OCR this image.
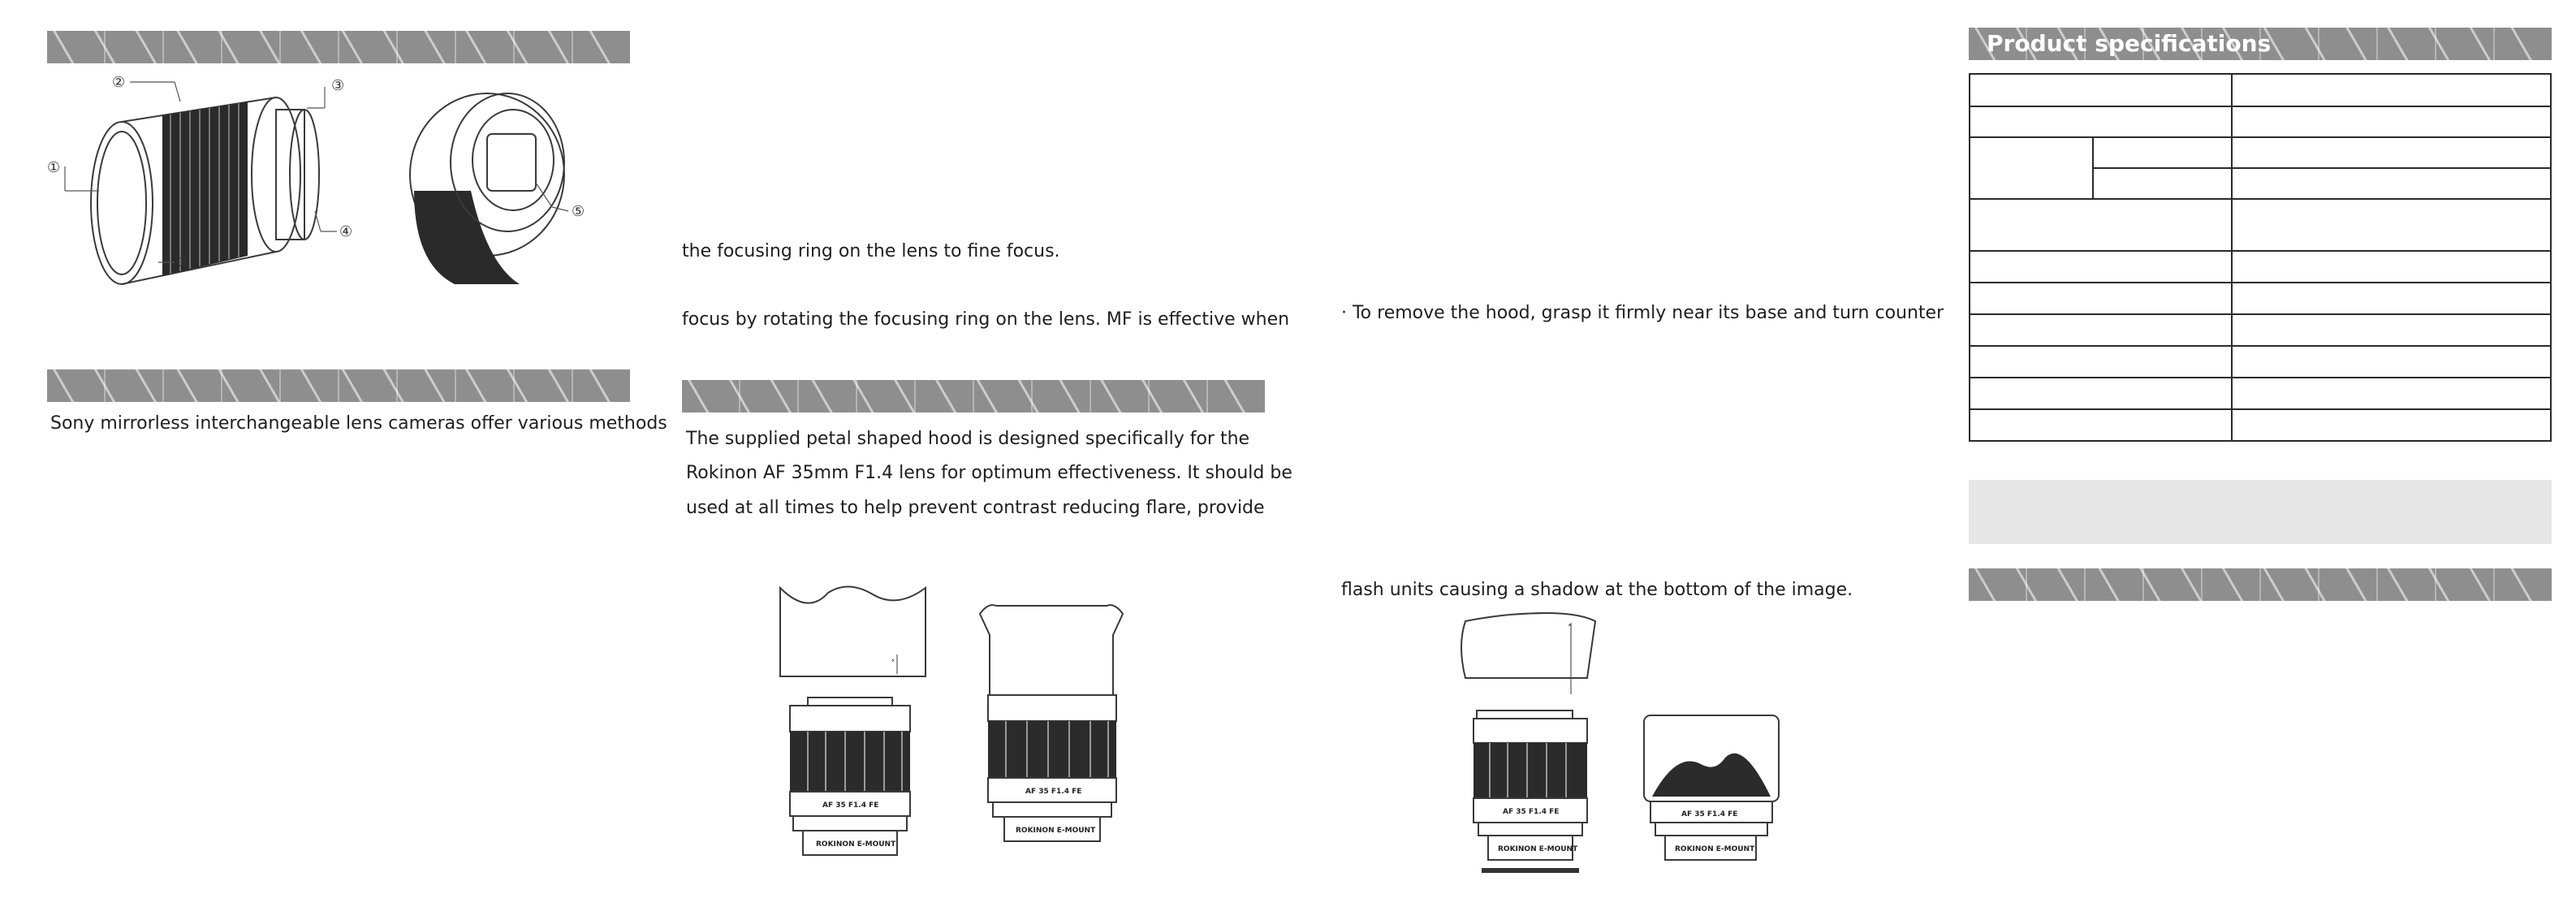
①
②	③
④
⑥
⑤
Sony mirrorless interchangeable lens cameras offer various methods
the focusing ring on the lens to fine focus.
focus by rotating the focusing ring on the lens. MF is effective when
The supplied petal shaped hood is designed specifically for the
Rokinon AF 35mm F1.4 lens for optimum effectiveness. It should be
used at all times to help prevent contrast reducing flare, provide
›
AF 35 F1.4 FE
ROKINON E-MOUNT
AF 35 F1.4 FE
ROKINON E-MOUNT
· To remove the hood, grasp it firmly near its base and turn counter
flash units causing a shadow at the bottom of the image.
⌃
AF 35 F1.4 FE
ROKINON E-MOUNT
AF 35 F1.4 FE
ROKINON E-MOUNT
Product specifications
